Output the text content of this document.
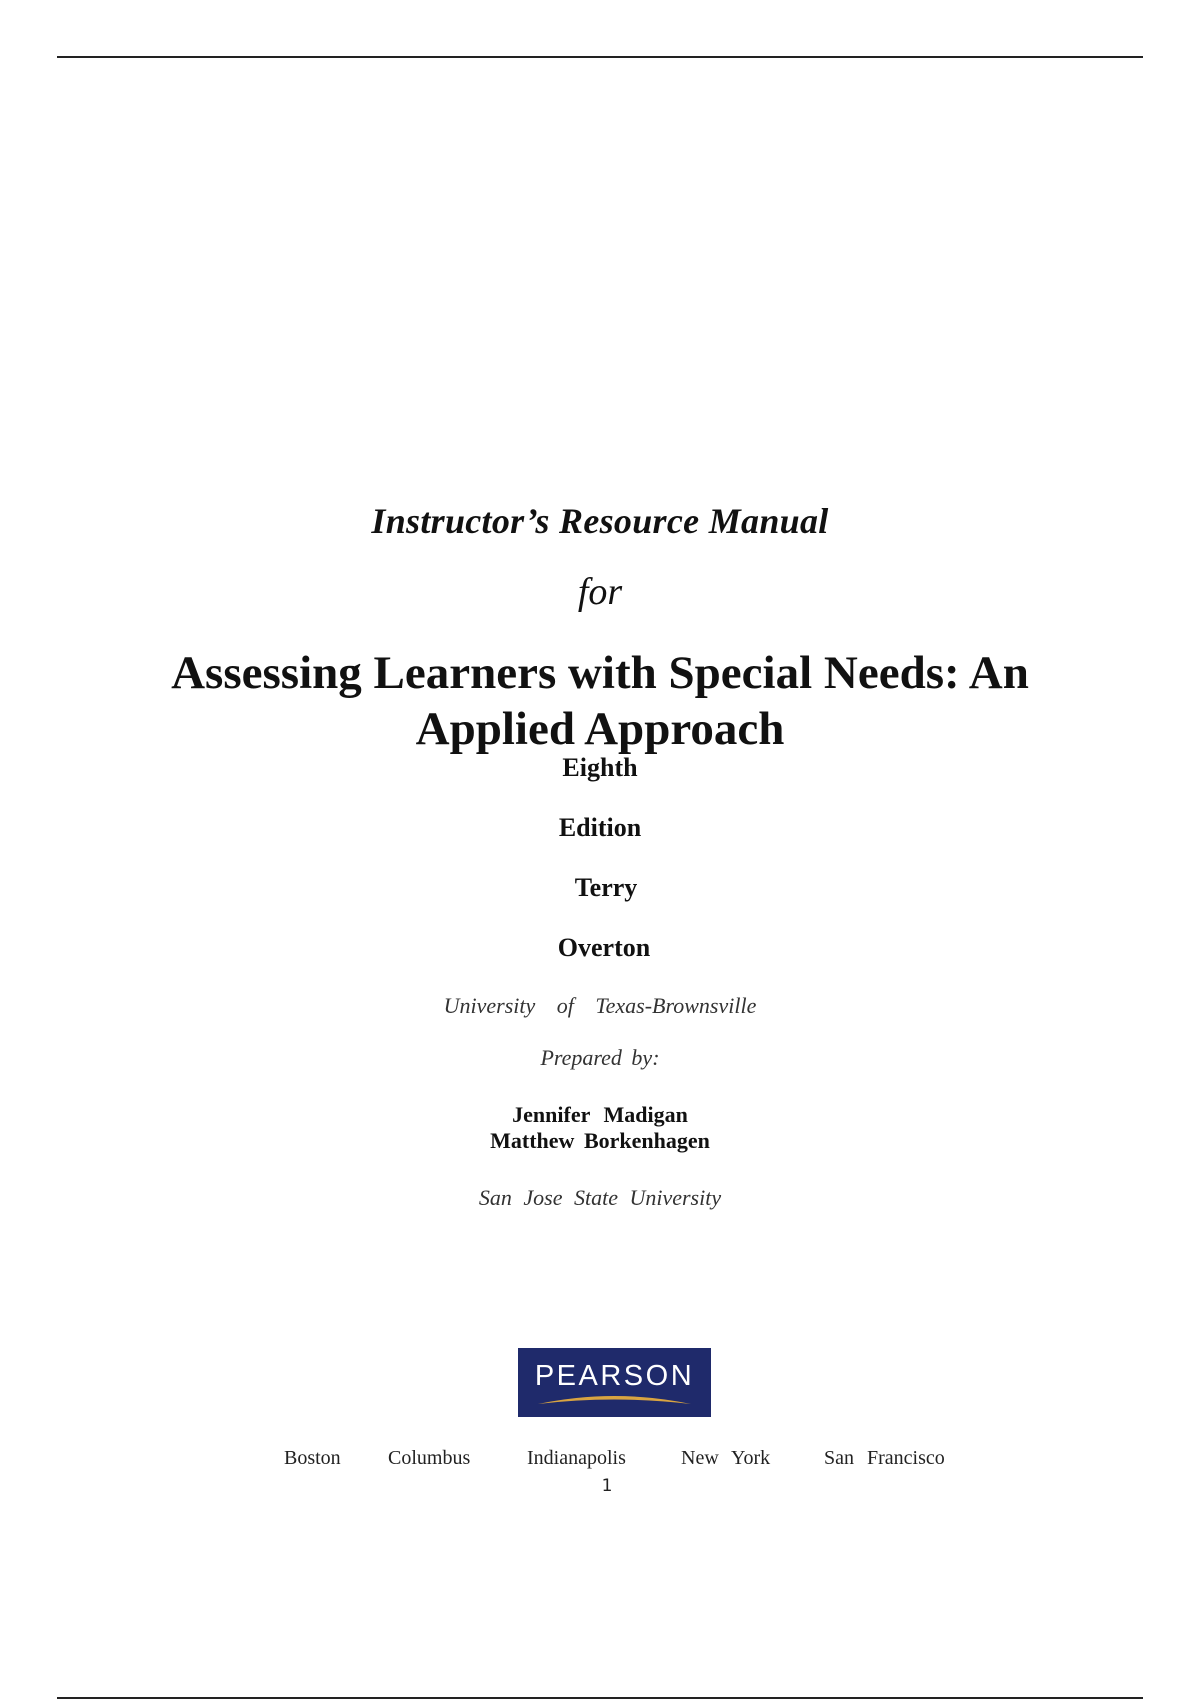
Instructor’s Resource Manual
for
Assessing Learners with Special Needs: An
Applied Approach
Eighth
Edition
Terry
Overton
University of Texas-Brownsville
Prepared by:
Jennifer Madigan
Matthew Borkenhagen
San Jose State University
PEARSON
Boston Columbus	Indianapolis	New York	San Francisco
1
